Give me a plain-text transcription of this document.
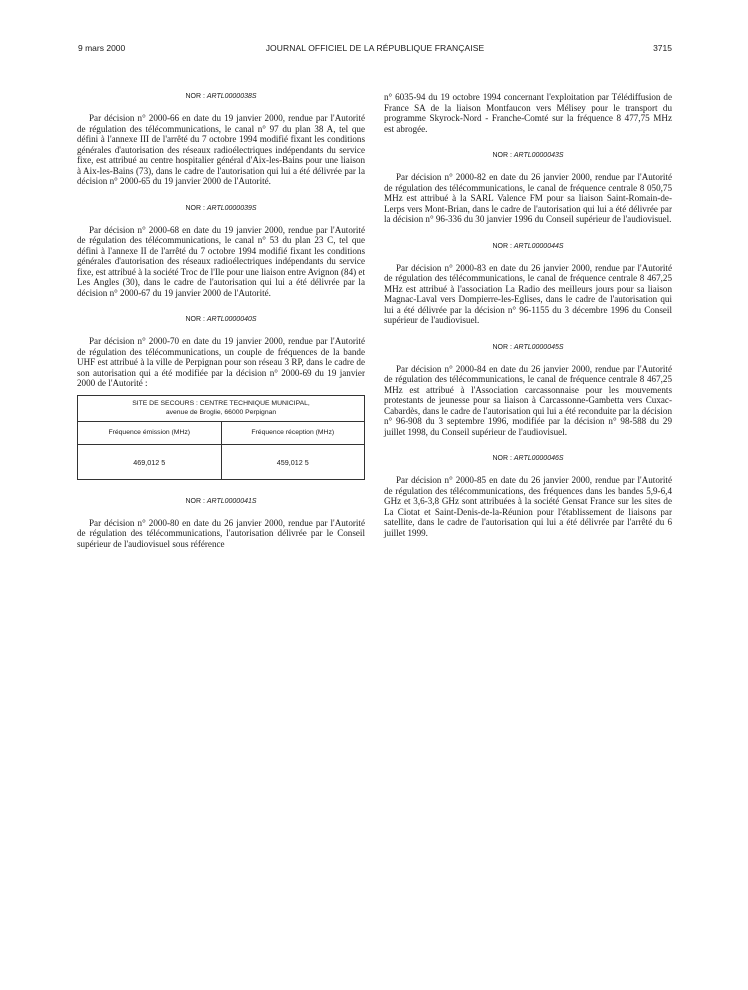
9 mars 2000	JOURNAL OFFICIEL DE LA RÉPUBLIQUE FRANÇAISE	3715

NOR : ARTL0000038S

Par décision n° 2000-66 en date du 19 janvier 2000, rendue par l'Autorité de régulation des télécommunications, le canal n° 97 du plan 38 A, tel que défini à l'annexe III de l'arrêté du 7 octobre 1994 modifié fixant les conditions générales d'autorisation des réseaux radioélectriques indépendants du service fixe, est attribué au centre hospitalier général d'Aix-les-Bains pour une liaison à Aix-les-Bains (73), dans le cadre de l'autorisation qui lui a été délivrée par la décision n° 2000-65 du 19 janvier 2000 de l'Autorité.

NOR : ARTL0000039S

Par décision n° 2000-68 en date du 19 janvier 2000, rendue par l'Autorité de régulation des télécommunications, le canal n° 53 du plan 23 C, tel que défini à l'annexe II de l'arrêté du 7 octobre 1994 modifié fixant les conditions générales d'autorisation des réseaux radioélectriques indépendants du service fixe, est attribué à la société Troc de l'Ile pour une liaison entre Avignon (84) et Les Angles (30), dans le cadre de l'autorisation qui lui a été délivrée par la décision n° 2000-67 du 19 janvier 2000 de l'Autorité.

NOR : ARTL0000040S

Par décision n° 2000-70 en date du 19 janvier 2000, rendue par l'Autorité de régulation des télécommunications, un couple de fréquences de la bande UHF est attribué à la ville de Perpignan pour son réseau 3 RP, dans le cadre de son autorisation qui a été modifiée par la décision n° 2000-69 du 19 janvier 2000 de l'Autorité :

SITE DE SECOURS : CENTRE TECHNIQUE MUNICIPAL,
avenue de Broglie, 66000 Perpignan
Fréquence émission (MHz)	Fréquence réception (MHz)
469,012 5	459,012 5

NOR : ARTL0000041S

Par décision n° 2000-80 en date du 26 janvier 2000, rendue par l'Autorité de régulation des télécommunications, l'autorisation délivrée par le Conseil supérieur de l'audiovisuel sous référence

n° 6035-94 du 19 octobre 1994 concernant l'exploitation par Télédiffusion de France SA de la liaison Montfaucon vers Mélisey pour le transport du programme Skyrock-Nord - Franche-Comté sur la fréquence 8 477,75 MHz est abrogée.

NOR : ARTL0000043S

Par décision n° 2000-82 en date du 26 janvier 2000, rendue par l'Autorité de régulation des télécommunications, le canal de fréquence centrale 8 050,75 MHz est attribué à la SARL Valence FM pour sa liaison Saint-Romain-de-Lerps vers Mont-Brian, dans le cadre de l'autorisation qui lui a été délivrée par la décision n° 96-336 du 30 janvier 1996 du Conseil supérieur de l'audiovisuel.

NOR : ARTL0000044S

Par décision n° 2000-83 en date du 26 janvier 2000, rendue par l'Autorité de régulation des télécommunications, le canal de fréquence centrale 8 467,25 MHz est attribué à l'association La Radio des meilleurs jours pour sa liaison Magnac-Laval vers Dompierre-les-Eglises, dans le cadre de l'autorisation qui lui a été délivrée par la décision n° 96-1155 du 3 décembre 1996 du Conseil supérieur de l'audiovisuel.

NOR : ARTL0000045S

Par décision n° 2000-84 en date du 26 janvier 2000, rendue par l'Autorité de régulation des télécommunications, le canal de fréquence centrale 8 467,25 MHz est attribué à l'Association carcassonnaise pour les mouvements protestants de jeunesse pour sa liaison à Carcassonne-Gambetta vers Cuxac-Cabardès, dans le cadre de l'autorisation qui lui a été reconduite par la décision n° 96-908 du 3 septembre 1996, modifiée par la décision n° 98-588 du 29 juillet 1998, du Conseil supérieur de l'audiovisuel.

NOR : ARTL0000046S

Par décision n° 2000-85 en date du 26 janvier 2000, rendue par l'Autorité de régulation des télécommunications, des fréquences dans les bandes 5,9-6,4 GHz et 3,6-3,8 GHz sont attribuées à la société Gensat France sur les sites de La Ciotat et Saint-Denis-de-la-Réunion pour l'établissement de liaisons par satellite, dans le cadre de l'autorisation qui lui a été délivrée par l'arrêté du 6 juillet 1999.
